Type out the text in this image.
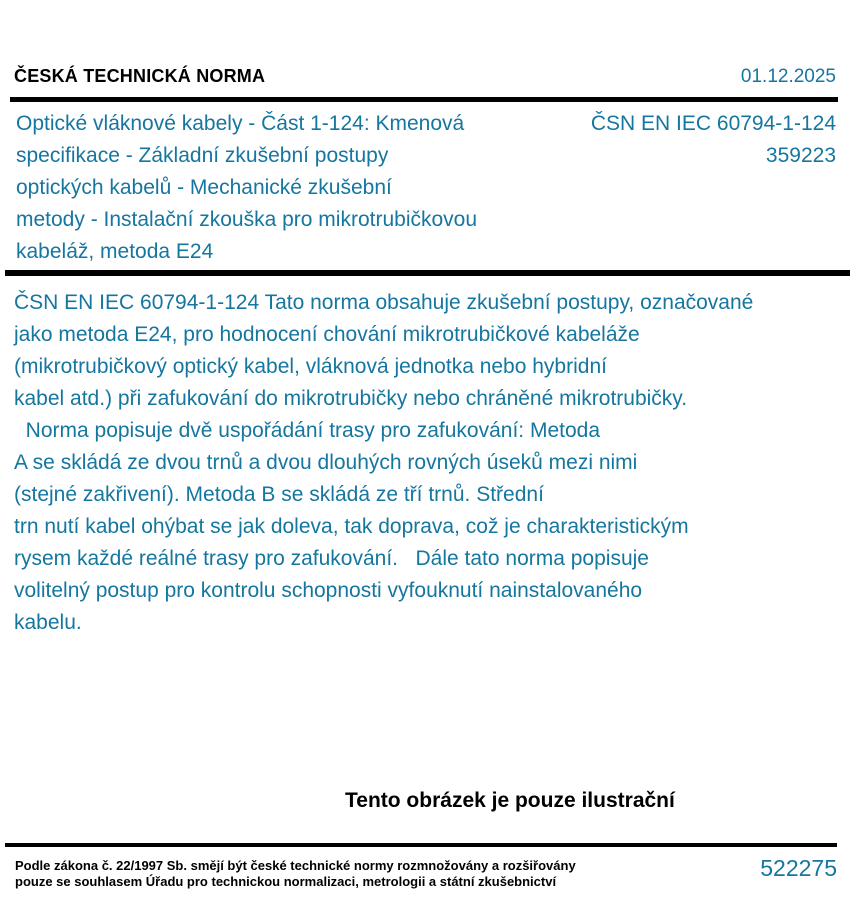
ČESKÁ TECHNICKÁ NORMA	01.12.2025
Optické vláknové kabely - Část 1-124: Kmenová
specifikace - Základní zkušební postupy
optických kabelů - Mechanické zkušební
metody - Instalační zkouška pro mikrotrubičkovou
kabeláž, metoda E24
ČSN EN IEC 60794-1-124
359223
ČSN EN IEC 60794-1-124 Tato norma obsahuje zkušební postupy, označované
jako metoda E24, pro hodnocení chování mikrotrubičkové kabeláže
(mikrotrubičkový optický kabel, vláknová jednotka nebo hybridní
kabel atd.) při zafukování do mikrotrubičky nebo chráněné mikrotrubičky.
Norma popisuje dvě uspořádání trasy pro zafukování: Metoda
A se skládá ze dvou trnů a dvou dlouhých rovných úseků mezi nimi
(stejné zakřivení). Metoda B se skládá ze tří trnů. Střední
trn nutí kabel ohýbat se jak doleva, tak doprava, což je charakteristickým
rysem každé reálné trasy pro zafukování.   Dále tato norma popisuje
volitelný postup pro kontrolu schopnosti vyfouknutí nainstalovaného
kabelu.
Tento obrázek je pouze ilustrační
Podle zákona č. 22/1997 Sb. smějí být české technické normy rozmnožovány a rozšiřovány
pouze se souhlasem Úřadu pro technickou normalizaci, metrologii a státní zkušebnictví
522275
